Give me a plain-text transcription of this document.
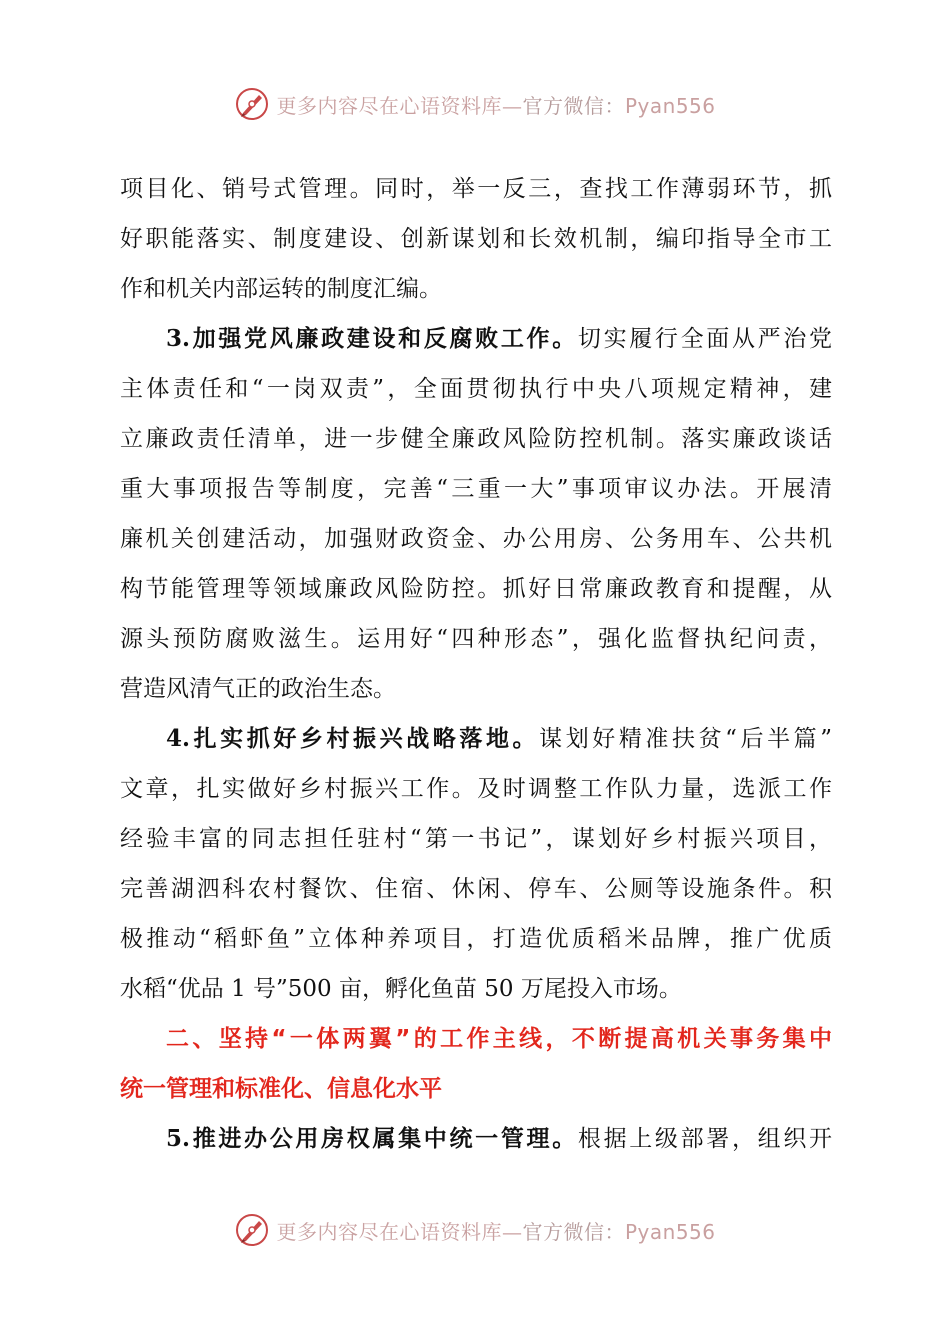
更多内容尽在心语资料库—官方微信：Pyan556
项目化、销号式管理。同时，举一反三，查找工作薄弱环节，抓
好职能落实、制度建设、创新谋划和长效机制，编印指导全市工
作和机关内部运转的制度汇编。
3.加强党风廉政建设和反腐败工作。切实履行全面从严治党
主体责任和“一岗双责”，全面贯彻执行中央八项规定精神，建
立廉政责任清单，进一步健全廉政风险防控机制。落实廉政谈话
重大事项报告等制度，完善“三重一大”事项审议办法。开展清
廉机关创建活动，加强财政资金、办公用房、公务用车、公共机
构节能管理等领域廉政风险防控。抓好日常廉政教育和提醒，从
源头预防腐败滋生。运用好“四种形态”，强化监督执纪问责，
营造风清气正的政治生态。
4.扎实抓好乡村振兴战略落地。谋划好精准扶贫“后半篇”
文章，扎实做好乡村振兴工作。及时调整工作队力量，选派工作
经验丰富的同志担任驻村“第一书记”，谋划好乡村振兴项目，
完善湖泗科农村餐饮、住宿、休闲、停车、公厕等设施条件。积
极推动“稻虾鱼”立体种养项目，打造优质稻米品牌，推广优质
水稻“优品 1 号”500 亩，孵化鱼苗 50 万尾投入市场。
二、坚持“一体两翼”的工作主线，不断提高机关事务集中
统一管理和标准化、信息化水平
5.推进办公用房权属集中统一管理。根据上级部署，组织开
更多内容尽在心语资料库—官方微信：Pyan556
